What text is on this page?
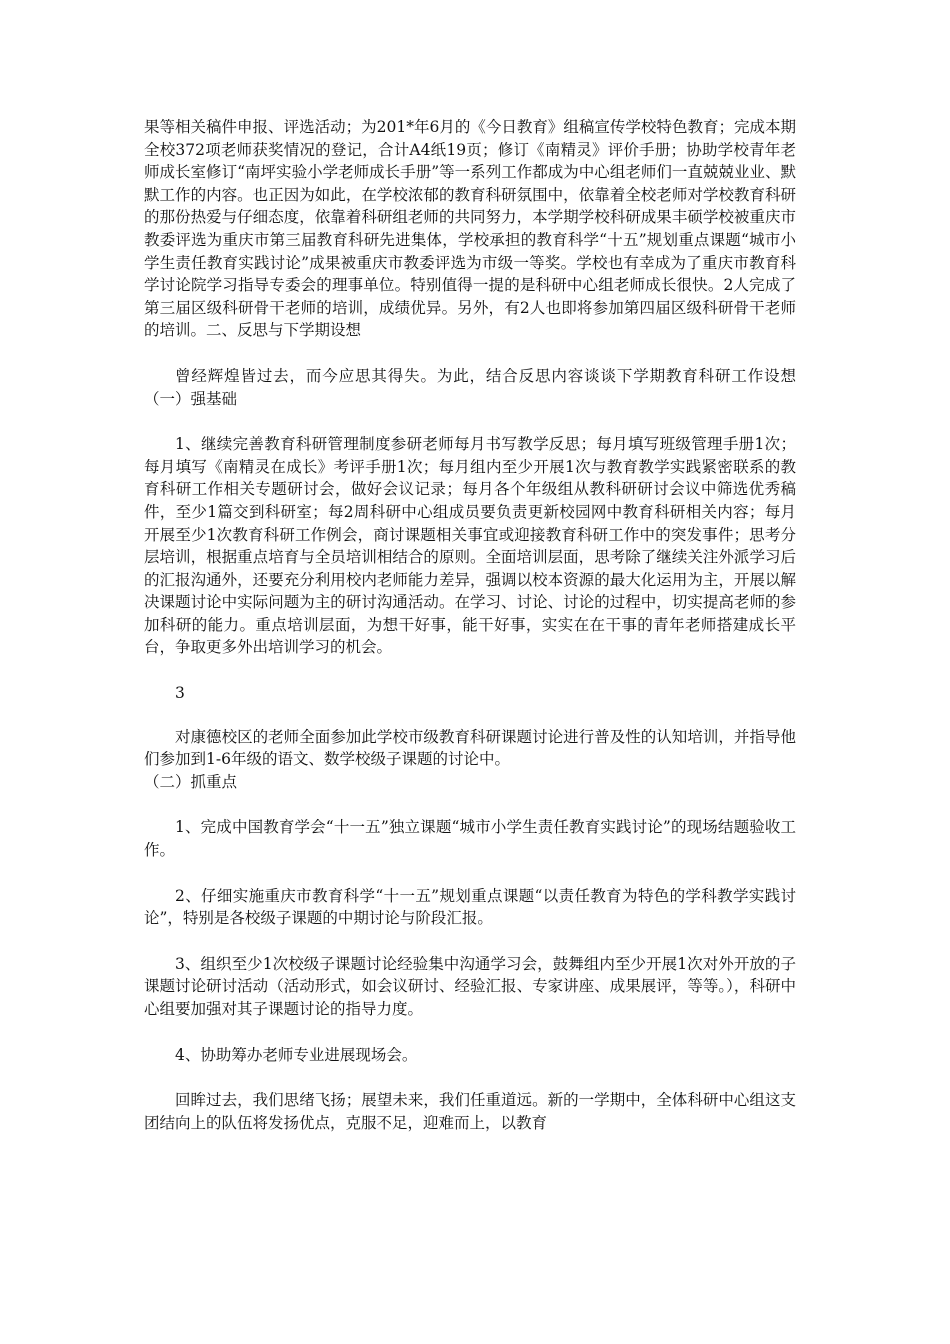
果等相关稿件申报、评选活动；为201*年6月的《今日教育》组稿宣传学校特色教育；完成本期全校372项老师获奖情况的登记，合计A4纸19页；修订《南精灵》评价手册；协助学校青年老师成长室修订“南坪实验小学老师成长手册”等一系列工作都成为中心组老师们一直兢兢业业、默默工作的内容。也正因为如此，在学校浓郁的教育科研氛围中，依靠着全校老师对学校教育科研的那份热爱与仔细态度，依靠着科研组老师的共同努力，本学期学校科研成果丰硕学校被重庆市教委评选为重庆市第三届教育科研先进集体，学校承担的教育科学“十五”规划重点课题“城市小学生责任教育实践讨论”成果被重庆市教委评选为市级一等奖。学校也有幸成为了重庆市教育科学讨论院学习指导专委会的理事单位。特别值得一提的是科研中心组老师成长很快。2人完成了第三届区级科研骨干老师的培训，成绩优异。另外，有2人也即将参加第四届区级科研骨干老师的培训。二、反思与下学期设想

曾经辉煌皆过去，而今应思其得失。为此，结合反思内容谈谈下学期教育科研工作设想（一）强基础

1、继续完善教育科研管理制度参研老师每月书写教学反思；每月填写班级管理手册1次；每月填写《南精灵在成长》考评手册1次；每月组内至少开展1次与教育教学实践紧密联系的教育科研工作相关专题研讨会，做好会议记录；每月各个年级组从教科研研讨会议中筛选优秀稿件，至少1篇交到科研室；每2周科研中心组成员要负责更新校园网中教育科研相关内容；每月开展至少1次教育科研工作例会，商讨课题相关事宜或迎接教育科研工作中的突发事件；思考分层培训，根据重点培育与全员培训相结合的原则。全面培训层面，思考除了继续关注外派学习后的汇报沟通外，还要充分利用校内老师能力差异，强调以校本资源的最大化运用为主，开展以解决课题讨论中实际问题为主的研讨沟通活动。在学习、讨论、讨论的过程中，切实提高老师的参加科研的能力。重点培训层面，为想干好事，能干好事，实实在在干事的青年老师搭建成长平台，争取更多外出培训学习的机会。

3

对康德校区的老师全面参加此学校市级教育科研课题讨论进行普及性的认知培训，并指导他们参加到1-6年级的语文、数学校级子课题的讨论中。

（二）抓重点

1、完成中国教育学会“十一五”独立课题“城市小学生责任教育实践讨论”的现场结题验收工作。

2、仔细实施重庆市教育科学“十一五”规划重点课题“以责任教育为特色的学科教学实践讨论”，特别是各校级子课题的中期讨论与阶段汇报。

3、组织至少1次校级子课题讨论经验集中沟通学习会，鼓舞组内至少开展1次对外开放的子课题讨论研讨活动（活动形式，如会议研讨、经验汇报、专家讲座、成果展评，等等。），科研中心组要加强对其子课题讨论的指导力度。

4、协助筹办老师专业进展现场会。

回眸过去，我们思绪飞扬；展望未来，我们任重道远。新的一学期中，全体科研中心组这支团结向上的队伍将发扬优点，克服不足，迎难而上，以教育
